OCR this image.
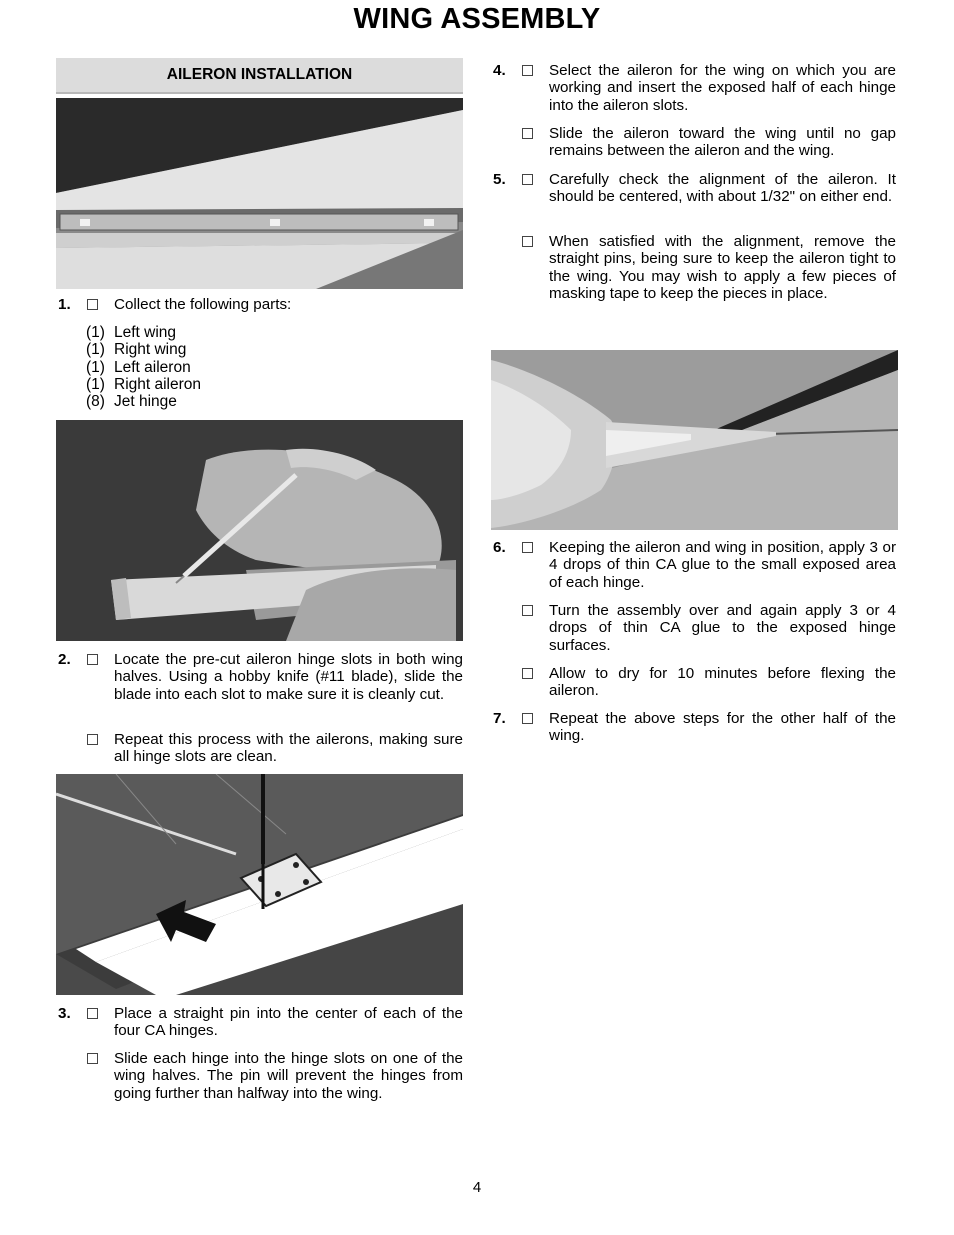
WING ASSEMBLY
AILERON INSTALLATION
1.	Collect the following parts:
(1) Left wing
(1) Right wing
(1) Left aileron
(1) Right aileron
(8) Jet hinge
2.	Locate the pre-cut aileron hinge slots in both wing halves. Using a hobby knife (#11 blade), slide the blade into each slot to make sure it is cleanly cut.
Repeat this process with the ailerons, making sure all hinge slots are clean.
3.	Place a straight pin into the center of each of the four CA hinges.
Slide each hinge into the hinge slots on one of the wing halves. The pin will prevent the hinges from going further than halfway into the wing.
4.	Select the aileron for the wing on which you are working and insert the exposed half of each hinge into the aileron slots.
Slide the aileron toward the wing until no gap remains between the aileron and the wing.
5.	Carefully check the alignment of the aileron. It should be centered, with about 1/32" on either end.
When satisfied with the alignment, remove the straight pins, being sure to keep the aileron tight to the wing. You may wish to apply a few pieces of masking tape to keep the pieces in place.
6.	Keeping the aileron and wing in position, apply 3 or 4 drops of thin CA glue to the small exposed area of each hinge.
Turn the assembly over and again apply 3 or 4 drops of thin CA glue to the exposed hinge surfaces.
Allow to dry for 10 minutes before flexing the aileron.
7.	Repeat the above steps for the other half of the wing.
4
